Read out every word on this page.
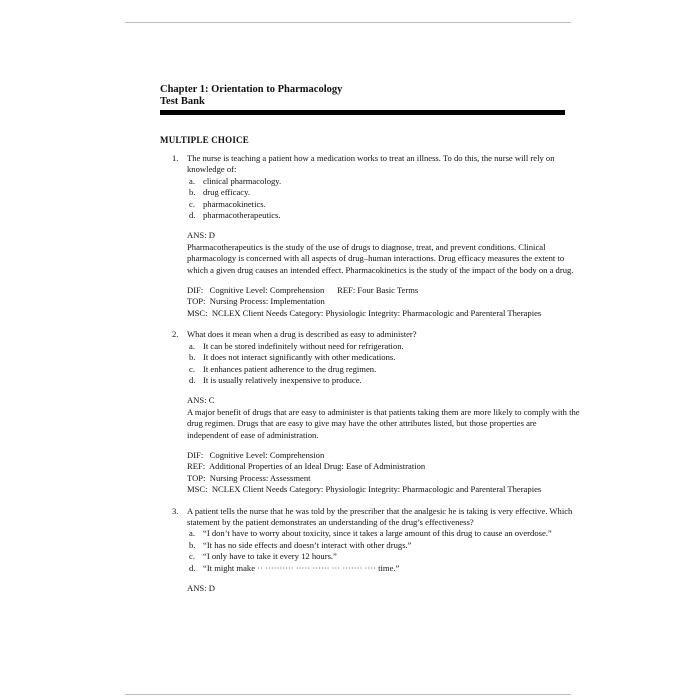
Chapter 1: Orientation to Pharmacology
Test Bank
MULTIPLE CHOICE
1. The nurse is teaching a patient how a medication works to treat an illness. To do this, the nurse will rely on knowledge of:

a. clinical pharmacology.
b. drug efficacy.
c. pharmacokinetics.
d. pharmacotherapeutics.
ANS: D

Pharmacotherapeutics is the study of the use of drugs to diagnose, treat, and prevent conditions. Clinical pharmacology is concerned with all aspects of drug–human interactions. Drug efficacy measures the extent to which a given drug causes an intended effect. Pharmacokinetics is the study of the impact of the body on a drug.

DIF:   Cognitive Level: Comprehension      REF: Four Basic Terms
TOP:  Nursing Process: Implementation
MSC:  NCLEX Client Needs Category: Physiologic Integrity: Pharmacologic and Parenteral Therapies
2. What does it mean when a drug is described as easy to administer?

a. It can be stored indefinitely without need for refrigeration.
b. It does not interact significantly with other medications.
c. It enhances patient adherence to the drug regimen.
d. It is usually relatively inexpensive to produce.
ANS: C

A major benefit of drugs that are easy to administer is that patients taking them are more likely to comply with the drug regimen. Drugs that are easy to give may have the other attributes listed, but those properties are independent of ease of administration.

DIF:   Cognitive Level: Comprehension
REF:  Additional Properties of an Ideal Drug: Ease of Administration
TOP:  Nursing Process: Assessment
MSC:  NCLEX Client Needs Category: Physiologic Integrity: Pharmacologic and Parenteral Therapies
3. A patient tells the nurse that he was told by the prescriber that the analgesic he is taking is very effective. Which statement by the patient demonstrates an understanding of the drug’s effectiveness?

a. “I don’t have to worry about toxicity, since it takes a large amount of this drug to cause an overdose.”
b. “It has no side effects and doesn’t interact with other drugs.”
c. “I only have to take it every 12 hours.”
d. “It might make ·· ·········· ····· ······ ··· ······· ···· time.”
ANS: D
